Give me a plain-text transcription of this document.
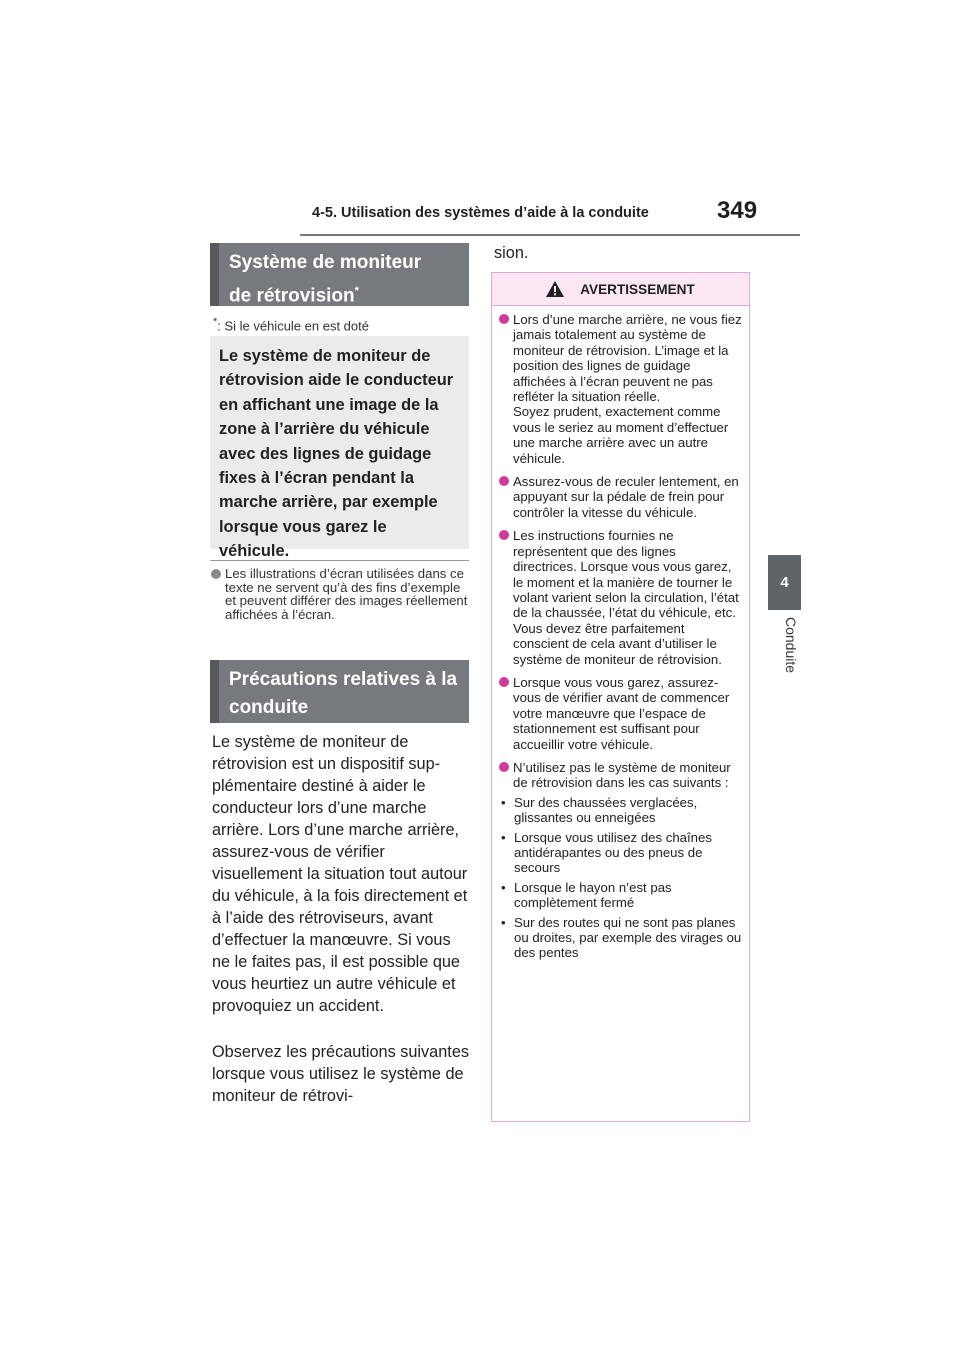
4-5. Utilisation des systèmes d’aide à la conduite	349
4
Conduite
Système de moniteur
de rétrovision*
*: Si le véhicule en est doté
Le système de moniteur de rétrovision aide le conducteur en affichant une image de la zone à l’arrière du véhicule avec des lignes de guidage fixes à l’écran pendant la marche arrière, par exemple lorsque vous garez le véhicule.
Les illustrations d’écran utilisées dans ce texte ne servent qu’à des fins d’exemple et peuvent différer des images réellement affichées à l’écran.
Précautions relatives à la
conduite
Le système de moniteur de rétrovision est un dispositif supplémentaire destiné à aider le conducteur lors d’une marche arrière. Lors d’une marche arrière, assurez-vous de vérifier visuellement la situation tout autour du véhicule, à la fois directement et à l’aide des rétroviseurs, avant d’effectuer la manœuvre. Si vous ne le faites pas, il est possible que vous heurtiez un autre véhicule et provoquiez un accident.
Observez les précautions suivantes lorsque vous utilisez le système de moniteur de rétrovi-
sion.
AVERTISSEMENT
Lors d’une marche arrière, ne vous fiez jamais totalement au système de moniteur de rétrovision. L’image et la position des lignes de guidage affichées à l’écran peuvent ne pas refléter la situation réelle.
Soyez prudent, exactement comme vous le seriez au moment d’effectuer une marche arrière avec un autre véhicule.
Assurez-vous de reculer lentement, en appuyant sur la pédale de frein pour contrôler la vitesse du véhicule.
Les instructions fournies ne représentent que des lignes directrices. Lorsque vous vous garez, le moment et la manière de tourner le volant varient selon la circulation, l’état de la chaussée, l’état du véhicule, etc. Vous devez être parfaitement conscient de cela avant d’utiliser le système de moniteur de rétrovision.
Lorsque vous vous garez, assurez-vous de vérifier avant de commencer votre manœuvre que l’espace de stationnement est suffisant pour accueillir votre véhicule.
N’utilisez pas le système de moniteur de rétrovision dans les cas suivants :
• Sur des chaussées verglacées, glissantes ou enneigées
• Lorsque vous utilisez des chaînes antidérapantes ou des pneus de secours
• Lorsque le hayon n’est pas complètement fermé
• Sur des routes qui ne sont pas planes ou droites, par exemple des virages ou des pentes
